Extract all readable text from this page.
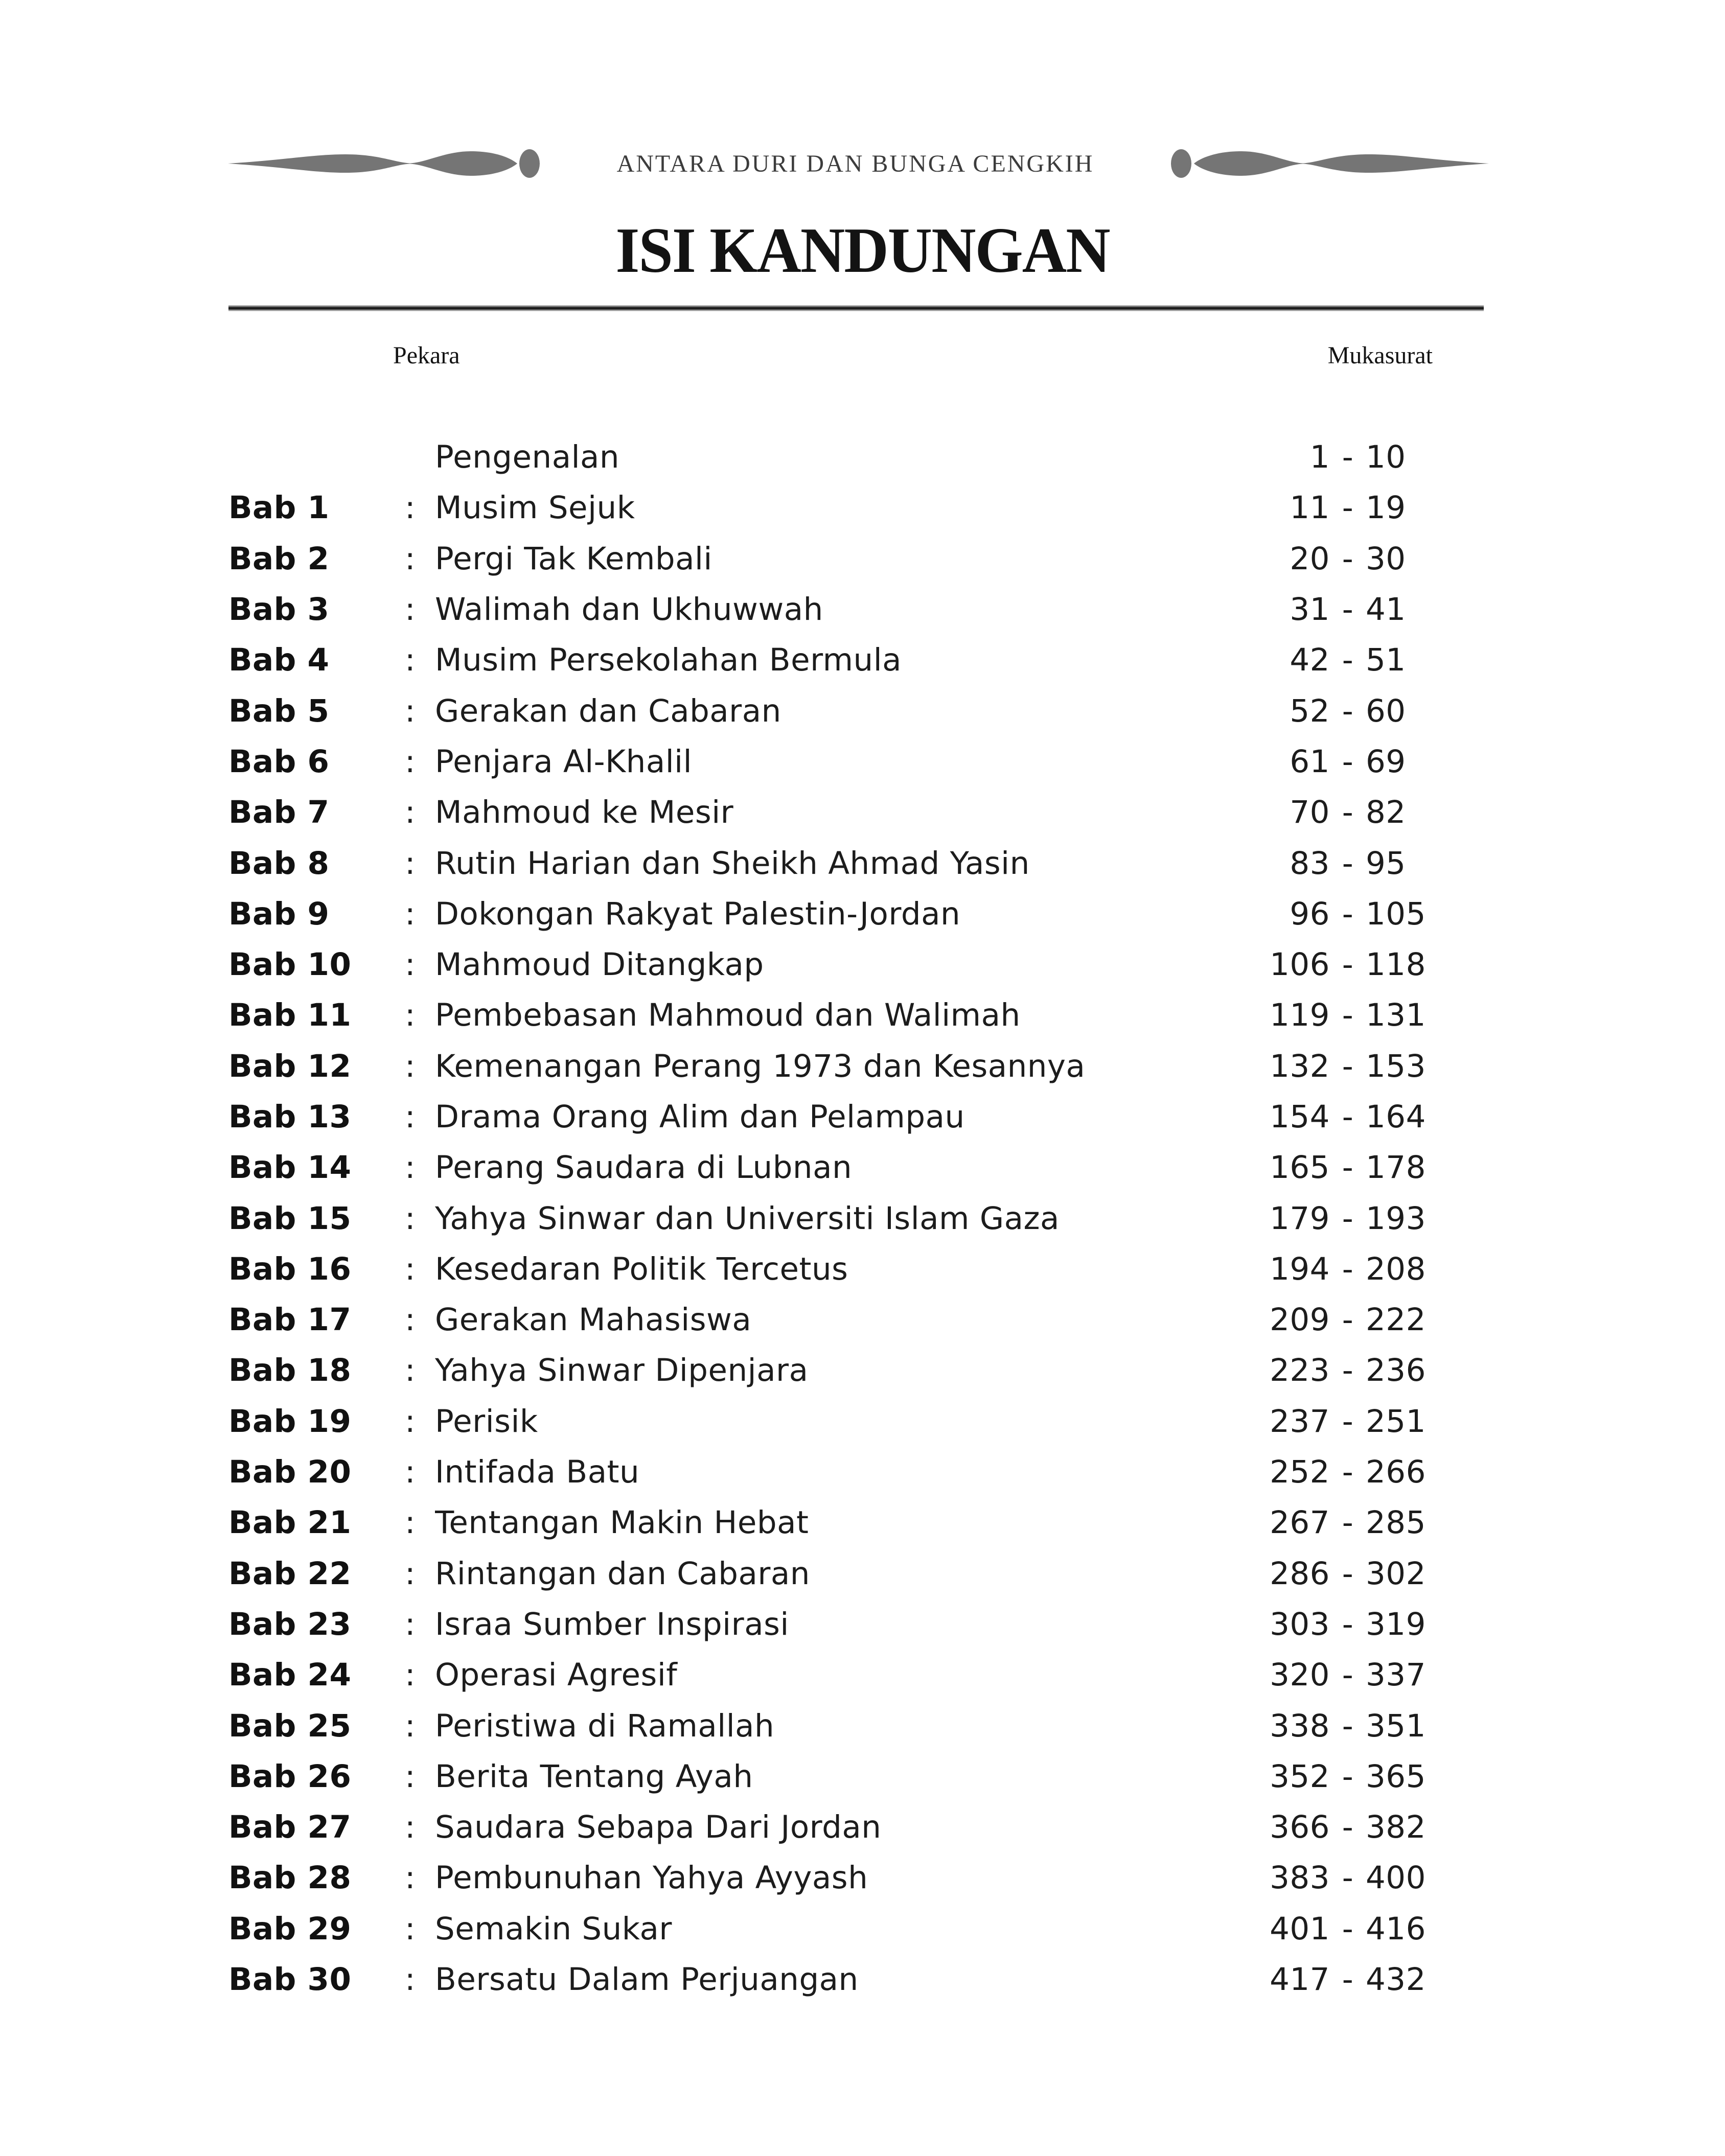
ANTARA DURI DAN BUNGA CENGKIH
ISI KANDUNGAN
Pekara	Mukasurat
Pengenalan	1 - 10
Bab 1	: Musim Sejuk	11 - 19
Bab 2	: Pergi Tak Kembali	20 - 30
Bab 3	: Walimah dan Ukhuwwah	31 - 41
Bab 4	: Musim Persekolahan Bermula	42 - 51
Bab 5	: Gerakan dan Cabaran	52 - 60
Bab 6	: Penjara Al-Khalil	61 - 69
Bab 7	: Mahmoud ke Mesir	70 - 82
Bab 8	: Rutin Harian dan Sheikh Ahmad Yasin	83 - 95
Bab 9	: Dokongan Rakyat Palestin-Jordan	96 - 105
Bab 10	: Mahmoud Ditangkap	106 - 118
Bab 11	: Pembebasan Mahmoud dan Walimah	119 - 131
Bab 12	: Kemenangan Perang 1973 dan Kesannya	132 - 153
Bab 13	: Drama Orang Alim dan Pelampau	154 - 164
Bab 14	: Perang Saudara di Lubnan	165 - 178
Bab 15	: Yahya Sinwar dan Universiti Islam Gaza	179 - 193
Bab 16	: Kesedaran Politik Tercetus	194 - 208
Bab 17	: Gerakan Mahasiswa	209 - 222
Bab 18	: Yahya Sinwar Dipenjara	223 - 236
Bab 19	: Perisik	237 - 251
Bab 20	: Intifada Batu	252 - 266
Bab 21	: Tentangan Makin Hebat	267 - 285
Bab 22	: Rintangan dan Cabaran	286 - 302
Bab 23	: Israa Sumber Inspirasi	303 - 319
Bab 24	: Operasi Agresif	320 - 337
Bab 25	: Peristiwa di Ramallah	338 - 351
Bab 26	: Berita Tentang Ayah	352 - 365
Bab 27	: Saudara Sebapa Dari Jordan	366 - 382
Bab 28	: Pembunuhan Yahya Ayyash	383 - 400
Bab 29	: Semakin Sukar	401 - 416
Bab 30	: Bersatu Dalam Perjuangan	417 - 432
